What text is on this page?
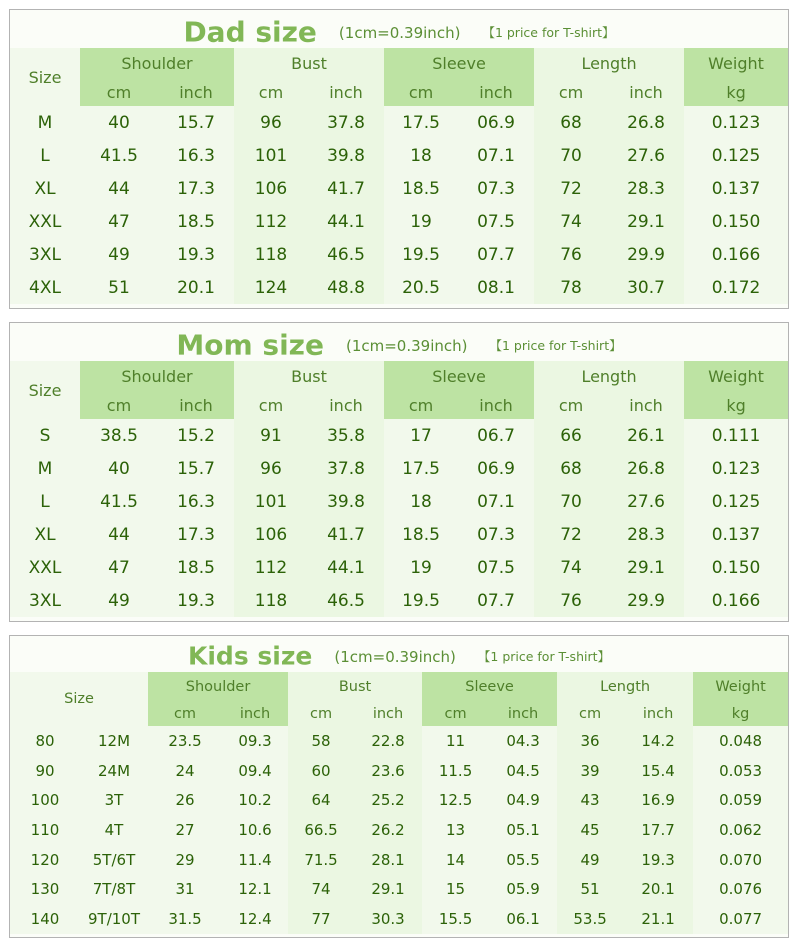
Dad size (1cm=0.39inch) 【1 price for T-shirt】
Size	Shoulder		Bust		Sleeve		Length		Weight
	cm	inch	cm	inch	cm	inch	cm	inch	kg
M	40	15.7	96	37.8	17.5	06.9	68	26.8	0.123
L	41.5	16.3	101	39.8	18	07.1	70	27.6	0.125
XL	44	17.3	106	41.7	18.5	07.3	72	28.3	0.137
XXL	47	18.5	112	44.1	19	07.5	74	29.1	0.150
3XL	49	19.3	118	46.5	19.5	07.7	76	29.9	0.166
4XL	51	20.1	124	48.8	20.5	08.1	78	30.7	0.172
Mom size (1cm=0.39inch) 【1 price for T-shirt】
Size	Shoulder		Bust		Sleeve		Length		Weight
	cm	inch	cm	inch	cm	inch	cm	inch	kg
S	38.5	15.2	91	35.8	17	06.7	66	26.1	0.111
M	40	15.7	96	37.8	17.5	06.9	68	26.8	0.123
L	41.5	16.3	101	39.8	18	07.1	70	27.6	0.125
XL	44	17.3	106	41.7	18.5	07.3	72	28.3	0.137
XXL	47	18.5	112	44.1	19	07.5	74	29.1	0.150
3XL	49	19.3	118	46.5	19.5	07.7	76	29.9	0.166
Kids size (1cm=0.39inch) 【1 price for T-shirt】
Size		Shoulder		Bust		Sleeve		Length		Weight
		cm	inch	cm	inch	cm	inch	cm	inch	kg
80	12M	23.5	09.3	58	22.8	11	04.3	36	14.2	0.048
90	24M	24	09.4	60	23.6	11.5	04.5	39	15.4	0.053
100	3T	26	10.2	64	25.2	12.5	04.9	43	16.9	0.059
110	4T	27	10.6	66.5	26.2	13	05.1	45	17.7	0.062
120	5T/6T	29	11.4	71.5	28.1	14	05.5	49	19.3	0.070
130	7T/8T	31	12.1	74	29.1	15	05.9	51	20.1	0.076
140	9T/10T	31.5	12.4	77	30.3	15.5	06.1	53.5	21.1	0.077
